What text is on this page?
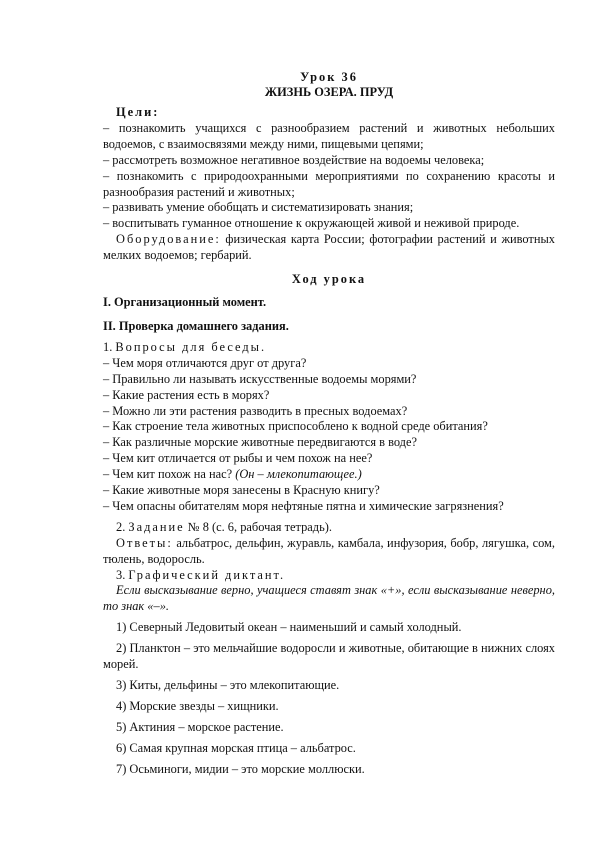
Урок 36
ЖИЗНЬ ОЗЕРА. ПРУД

Цели:

– познакомить учащихся с разнообразием растений и животных небольших водоемов, с взаимосвязями между ними, пищевыми цепями;

– рассмотреть возможное негативное воздействие на водоемы человека;

– познакомить с природоохранными мероприятиями по сохранению красоты и разнообразия растений и животных;

– развивать умение обобщать и систематизировать знания;

– воспитывать гуманное отношение к окружающей живой и неживой природе.

Оборудование: физическая карта России; фотографии растений и животных мелких водоемов; гербарий.

Ход урока

I. Организационный момент.

II. Проверка домашнего задания.

1. Вопросы для беседы.

– Чем моря отличаются друг от друга?

– Правильно ли называть искусственные водоемы морями?

– Какие растения есть в морях?

– Можно ли эти растения разводить в пресных водоемах?

– Как строение тела животных приспособлено к водной среде обитания?

– Как различные морские животные передвигаются в воде?

– Чем кит отличается от рыбы и чем похож на нее?

– Чем кит похож на нас? (Он – млекопитающее.)

– Какие животные моря занесены в Красную книгу?

– Чем опасны обитателям моря нефтяные пятна и химические загрязнения?

2. Задание № 8 (с. 6, рабочая тетрадь).

Ответы: альбатрос, дельфин, журавль, камбала, инфузория, бобр, лягушка, сом, тюлень, водоросль.

3. Графический диктант.

Если высказывание верно, учащиеся ставят знак «+», если высказывание неверно, то знак «–».

1) Северный Ледовитый океан – наименьший и самый холодный.

2) Планктон – это мельчайшие водоросли и животные, обитающие в нижних слоях морей.

3) Киты, дельфины – это млекопитающие.

4) Морские звезды – хищники.

5) Актиния – морское растение.

6) Самая крупная морская птица – альбатрос.

7) Осьминоги, мидии – это морские моллюски.
